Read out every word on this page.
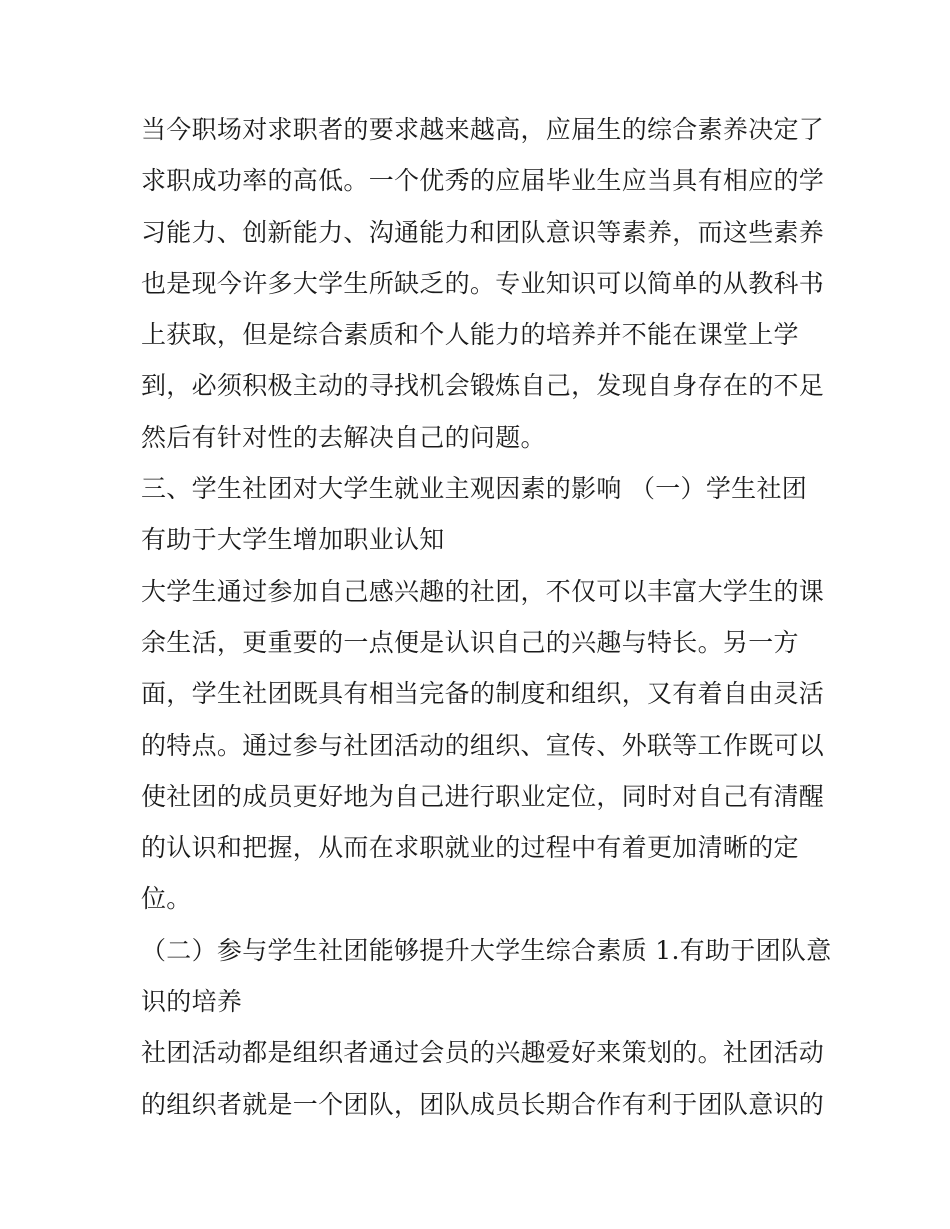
当今职场对求职者的要求越来越高，应届生的综合素养决定了
求职成功率的高低。一个优秀的应届毕业生应当具有相应的学
习能力、创新能力、沟通能力和团队意识等素养，而这些素养
也是现今许多大学生所缺乏的。专业知识可以简单的从教科书
上获取，但是综合素质和个人能力的培养并不能在课堂上学
到，必须积极主动的寻找机会锻炼自己，发现自身存在的不足
然后有针对性的去解决自己的问题。
三、学生社团对大学生就业主观因素的影响 （一）学生社团
有助于大学生增加职业认知
大学生通过参加自己感兴趣的社团，不仅可以丰富大学生的课
余生活，更重要的一点便是认识自己的兴趣与特长。另一方
面，学生社团既具有相当完备的制度和组织，又有着自由灵活
的特点。通过参与社团活动的组织、宣传、外联等工作既可以
使社团的成员更好地为自己进行职业定位，同时对自己有清醒
的认识和把握，从而在求职就业的过程中有着更加清晰的定
位。
（二）参与学生社团能够提升大学生综合素质 1.有助于团队意
识的培养
社团活动都是组织者通过会员的兴趣爱好来策划的。社团活动
的组织者就是一个团队，团队成员长期合作有利于团队意识的
